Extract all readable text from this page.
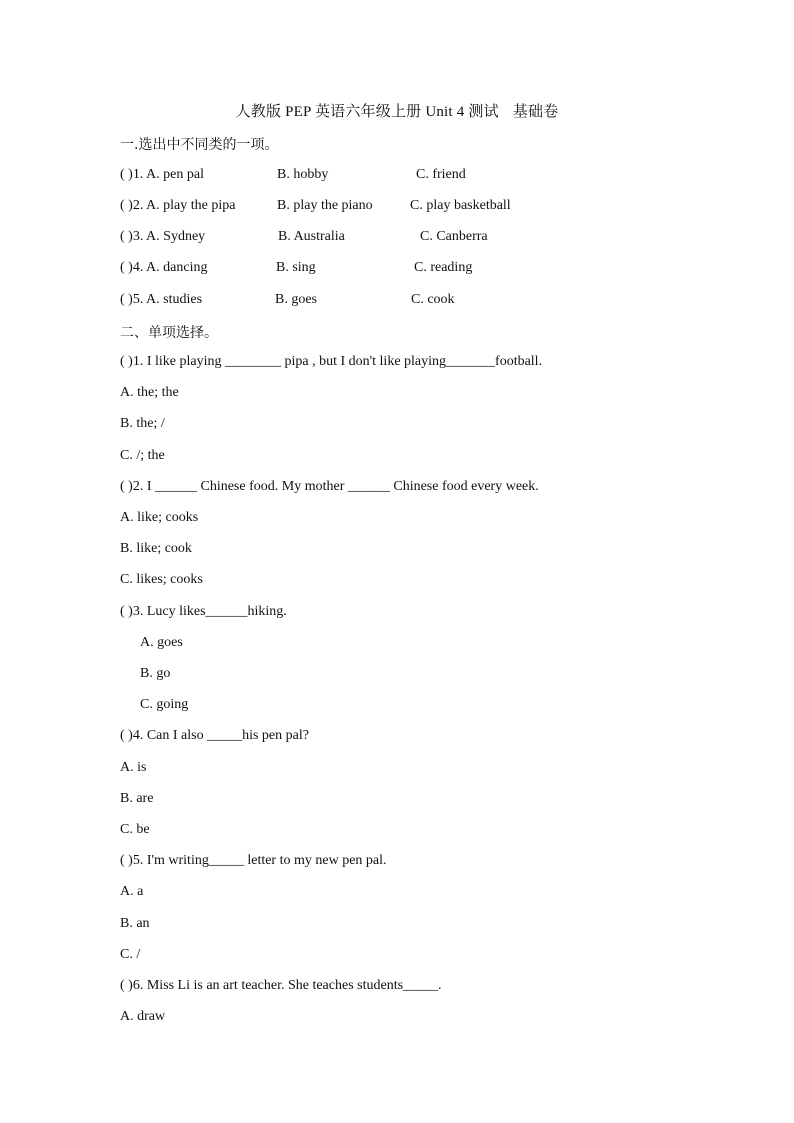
人教版 PEP 英语六年级上册 Unit 4 测试 基础卷
一.选出中不同类的一项。
( )1. A. pen pal	B. hobby	C. friend
( )2. A. play the pipa	B. play the piano	C. play basketball
( )3. A. Sydney	B. Australia	C. Canberra
( )4. A. dancing	B. sing	C. reading
( )5. A. studies	B. goes	C. cook
二、单项选择。
( )1. I like playing ________ pipa , but I don't like playing_______football.
A. the; the
B. the; /
C. /; the
( )2. I ______ Chinese food. My mother ______ Chinese food every week.
A. like; cooks
B. like; cook
C. likes; cooks
( )3. Lucy likes______hiking.
A. goes
B. go
C. going
( )4. Can I also _____his pen pal?
A. is
B. are
C. be
( )5. I'm writing_____ letter to my new pen pal.
A. a
B. an
C. /
( )6. Miss Li is an art teacher. She teaches students_____.
A. draw
